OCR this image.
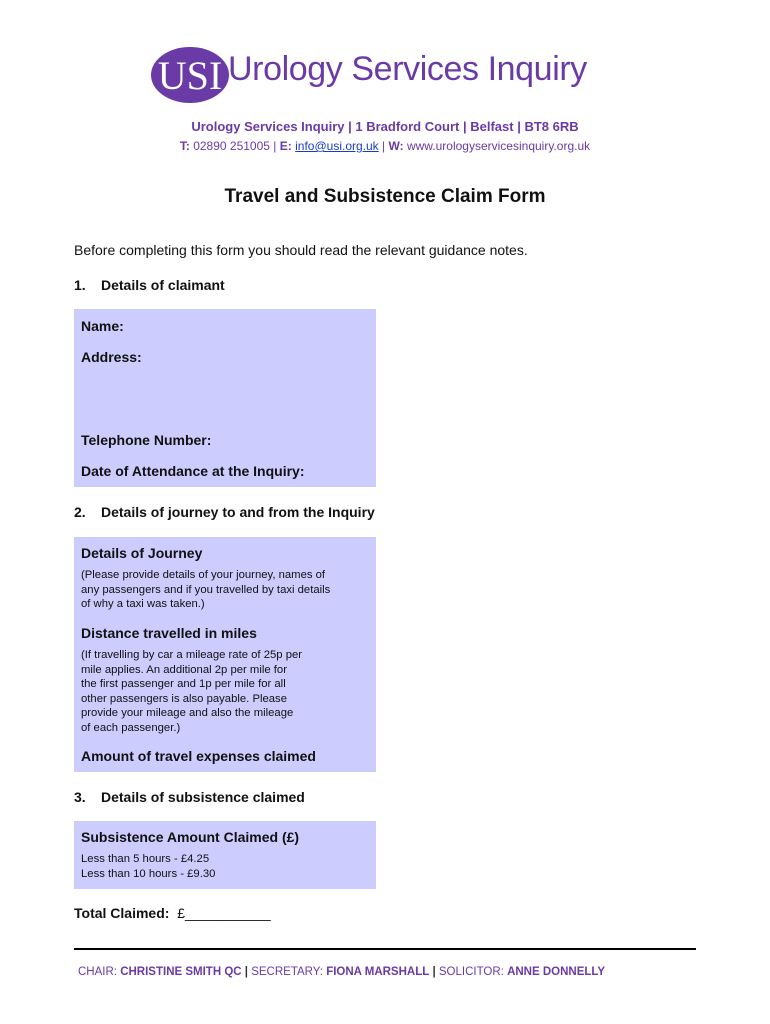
USI Urology Services Inquiry
Urology Services Inquiry | 1 Bradford Court | Belfast | BT8 6RB
T: 02890 251005 | E: info@usi.org.uk | W: www.urologyservicesinquiry.org.uk
Travel and Subsistence Claim Form
Before completing this form you should read the relevant guidance notes.
1. Details of claimant
Name:
Address:
Telephone Number:
Date of Attendance at the Inquiry:
2. Details of journey to and from the Inquiry
Details of Journey
(Please provide details of your journey, names of
any passengers and if you travelled by taxi details
of why a taxi was taken.)
Distance travelled in miles
(If travelling by car a mileage rate of 25p per
mile applies. An additional 2p per mile for
the first passenger and 1p per mile for all
other passengers is also payable. Please
provide your mileage and also the mileage
of each passenger.)
Amount of travel expenses claimed
3. Details of subsistence claimed
Subsistence Amount Claimed (£)
Less than 5 hours - £4.25
Less than 10 hours - £9.30
Total Claimed: £___________
CHAIR: CHRISTINE SMITH QC | SECRETARY: FIONA MARSHALL | SOLICITOR: ANNE DONNELLY
